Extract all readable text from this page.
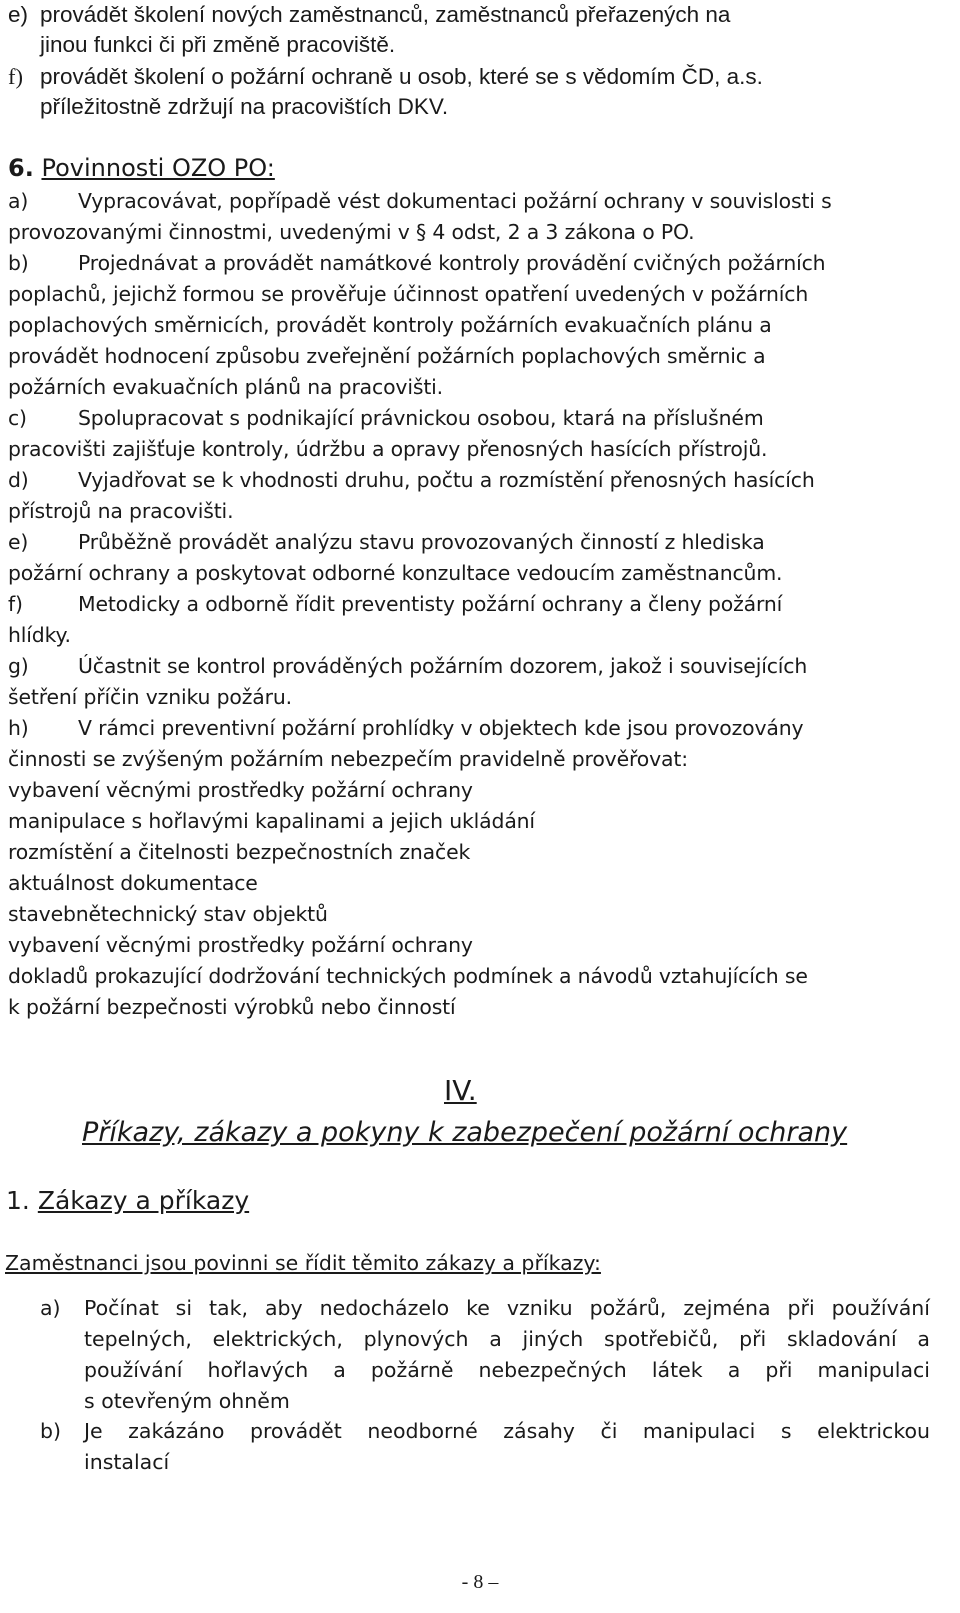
e) provádět školení nových zaměstnanců, zaměstnanců přeřazených na
jinou funkci či při změně pracoviště.
f) provádět školení o požární ochraně u osob, které se s vědomím ČD, a.s.
příležitostně zdržují na pracovištích DKV.
6. Povinnosti OZO PO:
a) Vypracovávat, popřípadě vést dokumentaci požární ochrany v souvislosti s
provozovanými činnostmi, uvedenými v § 4 odst, 2 a 3 zákona o PO.
b) Projednávat a provádět namátkové kontroly provádění cvičných požárních
poplachů, jejichž formou se prověřuje účinnost opatření uvedených v požárních
poplachových směrnicích, provádět kontroly požárních evakuačních plánu a
provádět hodnocení způsobu zveřejnění požárních poplachových směrnic a
požárních evakuačních plánů na pracovišti.
c)	Spolupracovat s podnikající právnickou osobou, ktará na příslušném
pracovišti zajišťuje kontroly, údržbu a opravy přenosných hasících přístrojů.
d) Vyjadřovat se k vhodnosti druhu, počtu a rozmístění přenosných hasících
přístrojů na pracovišti.
e) Průběžně provádět analýzu stavu provozovaných činností z hlediska
požární ochrany a poskytovat odborné konzultace vedoucím zaměstnancům.
f)	Metodicky a odborně řídit preventisty požární ochrany a členy požární
hlídky.
g) Účastnit se kontrol prováděných požárním dozorem, jakož i souvisejících
šetření příčin vzniku požáru.
h) V rámci preventivní požární prohlídky v objektech kde jsou provozovány
činnosti se zvýšeným požárním nebezpečím pravidelně prověřovat:
vybavení věcnými prostředky požární ochrany
manipulace s hořlavými kapalinami a jejich ukládání
rozmístění a čitelnosti bezpečnostních značek
aktuálnost dokumentace
stavebnětechnický stav objektů
vybavení věcnými prostředky požární ochrany
dokladů prokazující dodržování technických podmínek a návodů vztahujících se
k požární bezpečnosti výrobků nebo činností
IV.
Příkazy, zákazy a pokyny k zabezpečení požární ochrany
1. Zákazy a příkazy
Zaměstnanci jsou povinni se řídit těmito zákazy a příkazy:
a) Počínat si tak, aby nedocházelo ke vzniku požárů, zejména při používání
tepelných, elektrických, plynových a jiných spotřebičů, při skladování a
používání hořlavých a požárně nebezpečných látek a při manipulaci
s otevřeným ohněm
b) Je zakázáno provádět neodborné zásahy či manipulaci s elektrickou
instalací
- 8 –
